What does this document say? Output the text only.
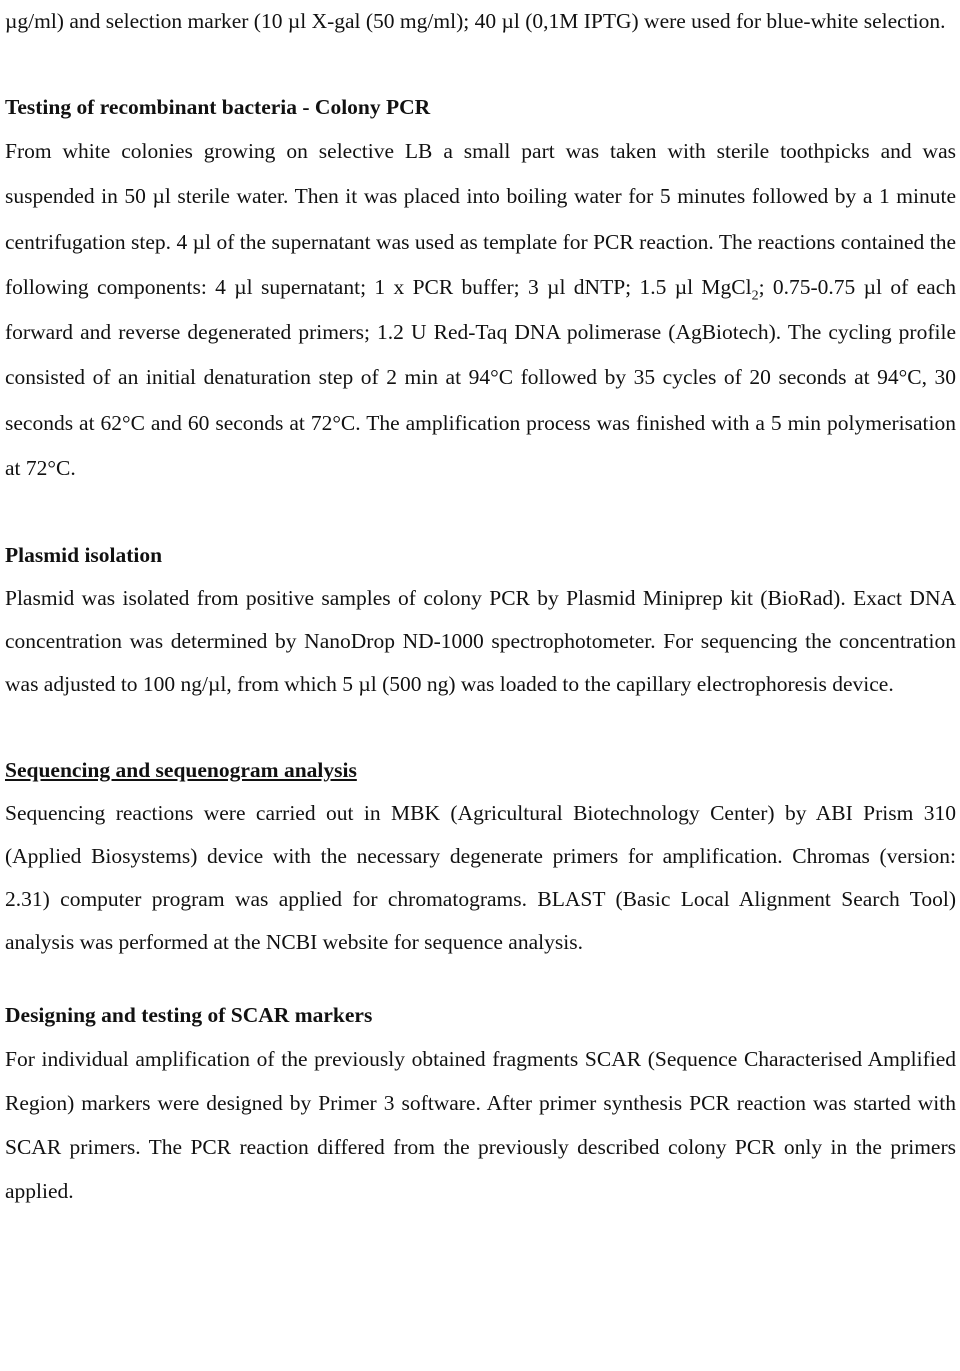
µg/ml) and selection marker (10 µl X-gal (50 mg/ml); 40 µl (0,1M IPTG) were used for blue-white selection.

Testing of recombinant bacteria - Colony PCR

From white colonies growing on selective LB a small part was taken with sterile toothpicks and was suspended in 50 µl sterile water. Then it was placed into boiling water for 5 minutes followed by a 1 minute centrifugation step. 4 µl of the supernatant was used as template for PCR reaction. The reactions contained the following components: 4 µl supernatant; 1 x PCR buffer; 3 µl dNTP; 1.5 µl MgCl$_2$; 0.75-0.75 µl of each forward and reverse degenerated primers; 1.2 U Red-Taq DNA polimerase (AgBiotech). The cycling profile consisted of an initial denaturation step of 2 min at 94°C followed by 35 cycles of 20 seconds at 94°C, 30 seconds at 62°C and 60 seconds at 72°C. The amplification process was finished with a 5 min polymerisation at 72°C.

Plasmid isolation

Plasmid was isolated from positive samples of colony PCR by Plasmid Miniprep kit (BioRad). Exact DNA concentration was determined by NanoDrop ND-1000 spectrophotometer. For sequencing the concentration was adjusted to 100 ng/µl, from which 5 µl (500 ng) was loaded to the capillary electrophoresis device.

Sequencing and sequenogram analysis

Sequencing reactions were carried out in MBK (Agricultural Biotechnology Center) by ABI Prism 310 (Applied Biosystems) device with the necessary degenerate primers for amplification. Chromas (version: 2.31) computer program was applied for chromatograms. BLAST (Basic Local Alignment Search Tool) analysis was performed at the NCBI website for sequence analysis.

Designing and testing of SCAR markers

For individual amplification of the previously obtained fragments SCAR (Sequence Characterised Amplified Region) markers were designed by Primer 3 software. After primer synthesis PCR reaction was started with SCAR primers. The PCR reaction differed from the previously described colony PCR only in the primers applied.
